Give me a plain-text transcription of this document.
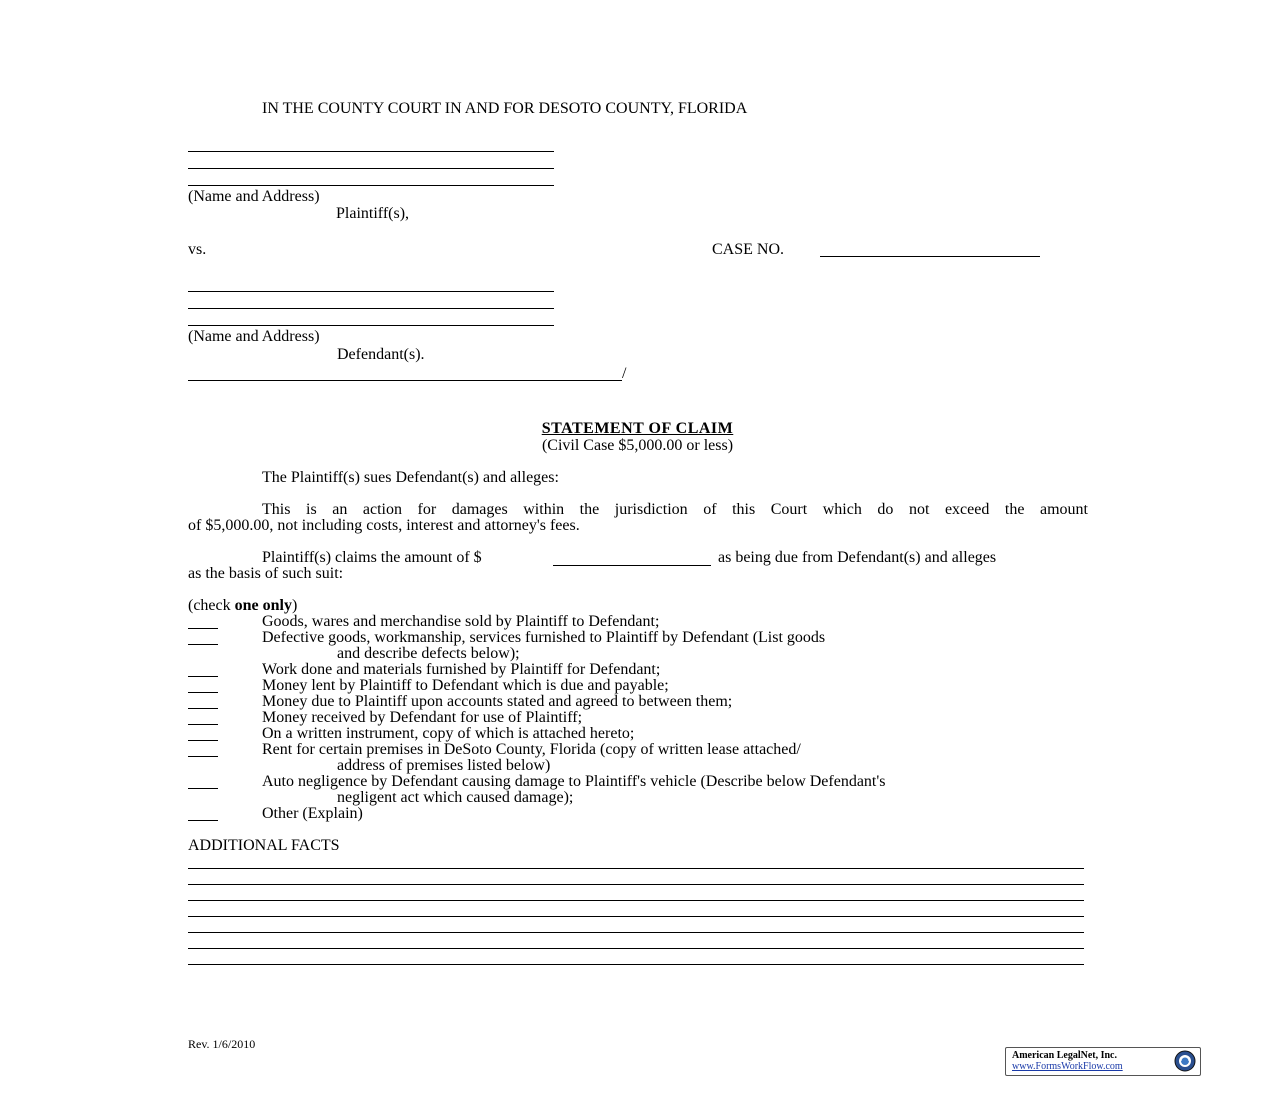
IN THE COUNTY COURT IN AND FOR DESOTO COUNTY, FLORIDA
(Name and Address)
Plaintiff(s),
vs.	CASE NO.
(Name and Address)
Defendant(s).
/
STATEMENT OF CLAIM
(Civil Case $5,000.00 or less)
The Plaintiff(s) sues Defendant(s) and alleges:
This is an action for damages within the jurisdiction of this Court which do not exceed the amount
of $5,000.00, not including costs, interest and attorney's fees.
Plaintiff(s) claims the amount of $	as being due from Defendant(s) and alleges
as the basis of such suit:
(check one only)
Goods, wares and merchandise sold by Plaintiff to Defendant;
Defective goods, workmanship, services furnished to Plaintiff by Defendant (List goods
and describe defects below);
Work done and materials furnished by Plaintiff for Defendant;
Money lent by Plaintiff to Defendant which is due and payable;
Money due to Plaintiff upon accounts stated and agreed to between them;
Money received by Defendant for use of Plaintiff;
On a written instrument, copy of which is attached hereto;
Rent for certain premises in DeSoto County, Florida (copy of written lease attached/
address of premises listed below)
Auto negligence by Defendant causing damage to Plaintiff's vehicle (Describe below Defendant's
negligent act which caused damage);
Other (Explain)
ADDITIONAL FACTS
Rev. 1/6/2010
American LegalNet, Inc.
www.FormsWorkFlow.com
